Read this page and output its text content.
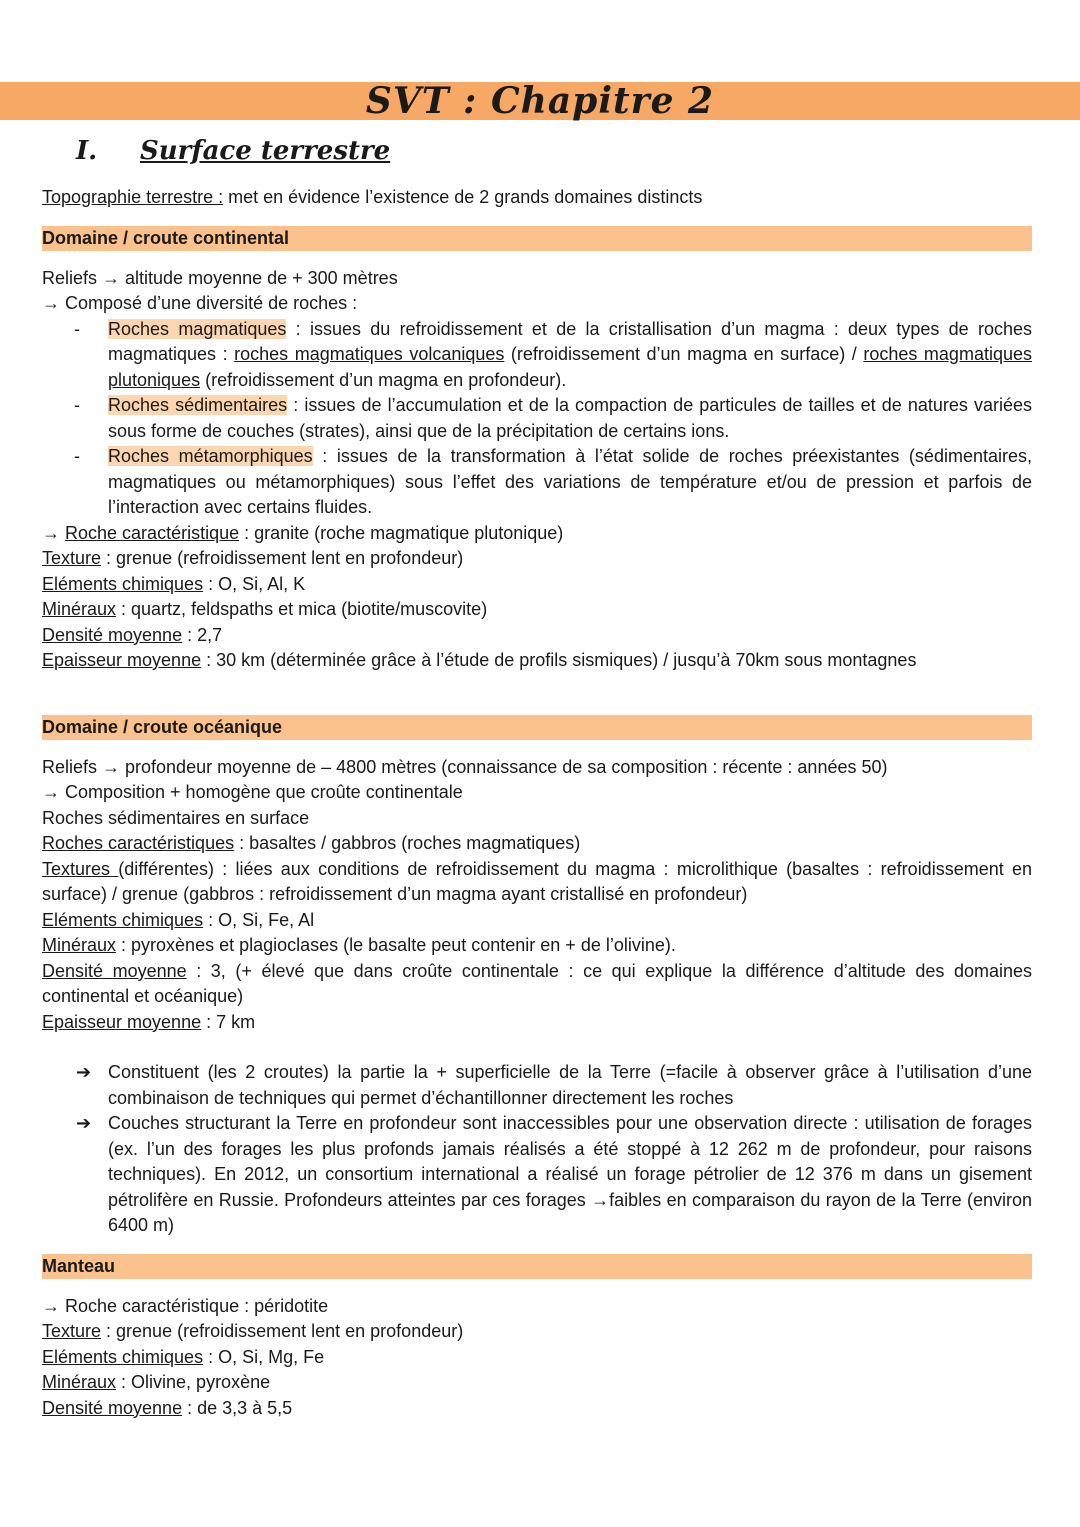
SVT : Chapitre 2
I. Surface terrestre

Topographie terrestre : met en évidence l’existence de 2 grands domaines distincts

Domaine / croute continental

Reliefs → altitude moyenne de + 300 mètres

→ Composé d’une diversité de roches :

- Roches magmatiques : issues du refroidissement et de la cristallisation d’un magma : deux types de roches magmatiques : roches magmatiques volcaniques (refroidissement d’un magma en surface) / roches magmatiques plutoniques (refroidissement d’un magma en profondeur).
- Roches sédimentaires : issues de l’accumulation et de la compaction de particules de tailles et de natures variées sous forme de couches (strates), ainsi que de la précipitation de certains ions.
- Roches métamorphiques : issues de la transformation à l’état solide de roches préexistantes (sédimentaires, magmatiques ou métamorphiques) sous l’effet des variations de température et/ou de pression et parfois de l’interaction avec certains fluides.

→ Roche caractéristique : granite (roche magmatique plutonique)

Texture : grenue (refroidissement lent en profondeur)

Eléments chimiques : O, Si, Al, K

Minéraux : quartz, feldspaths et mica (biotite/muscovite)

Densité moyenne : 2,7

Epaisseur moyenne : 30 km (déterminée grâce à l’étude de profils sismiques) / jusqu’à 70km sous montagnes

Domaine / croute océanique

Reliefs → profondeur moyenne de – 4800 mètres (connaissance de sa composition : récente : années 50)

→ Composition + homogène que croûte continentale

Roches sédimentaires en surface

Roches caractéristiques : basaltes / gabbros (roches magmatiques)

Textures (différentes) : liées aux conditions de refroidissement du magma : microlithique (basaltes : refroidissement en surface) / grenue (gabbros : refroidissement d’un magma ayant cristallisé en profondeur)

Eléments chimiques : O, Si, Fe, Al

Minéraux : pyroxènes et plagioclases (le basalte peut contenir en + de l’olivine).

Densité moyenne : 3, (+ élevé que dans croûte continentale : ce qui explique la différence d’altitude des domaines continental et océanique)

Epaisseur moyenne : 7 km

➔ Constituent (les 2 croutes) la partie la + superficielle de la Terre (=facile à observer grâce à l’utilisation d’une combinaison de techniques qui permet d’échantillonner directement les roches
➔ Couches structurant la Terre en profondeur sont inaccessibles pour une observation directe : utilisation de forages (ex. l’un des forages les plus profonds jamais réalisés a été stoppé à 12 262 m de profondeur, pour raisons techniques). En 2012, un consortium international a réalisé un forage pétrolier de 12 376 m dans un gisement pétrolifère en Russie. Profondeurs atteintes par ces forages →faibles en comparaison du rayon de la Terre (environ 6400 m)
Manteau

→ Roche caractéristique : péridotite

Texture : grenue (refroidissement lent en profondeur)

Eléments chimiques : O, Si, Mg, Fe

Minéraux : Olivine, pyroxène

Densité moyenne : de 3,3 à 5,5
